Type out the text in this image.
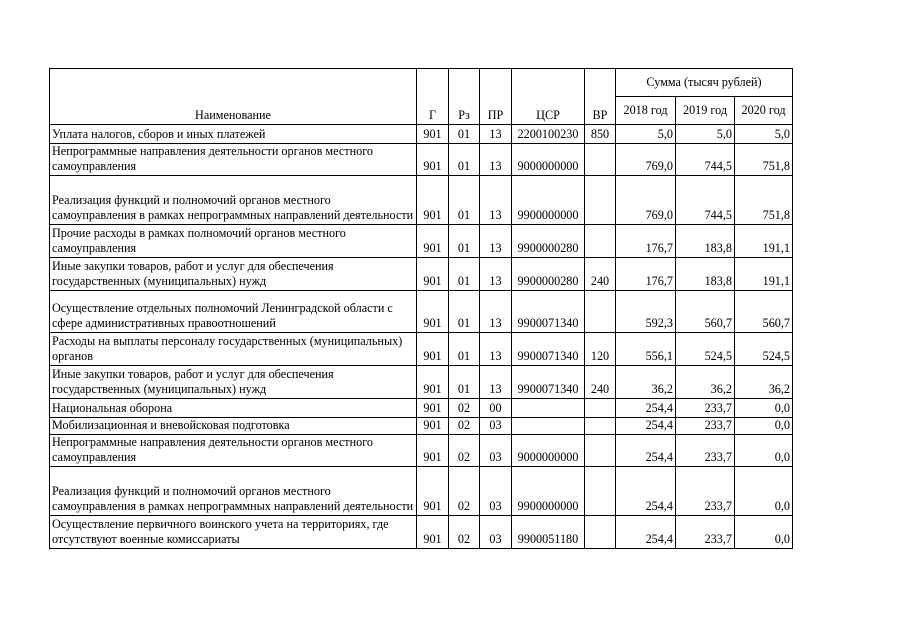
Наименование	Г	Рз	ПР	ЦСР	ВР	Сумма (тысяч рублей)		
						2018 год	2019 год	2020 год
Уплата налогов, сборов и иных платежей	901	01	13	2200100230	850	5,0	5,0	5,0
Непрограммные направления деятельности органов местного самоуправления	901	01	13	9000000000		769,0	744,5	751,8
Реализация функций и полномочий органов местного самоуправления в рамках непрограммных направлений деятельности	901	01	13	9900000000		769,0	744,5	751,8
Прочие расходы в рамках полномочий органов местного самоуправления	901	01	13	9900000280		176,7	183,8	191,1
Иные закупки товаров, работ и услуг для обеспечения государственных (муниципальных) нужд	901	01	13	9900000280	240	176,7	183,8	191,1
Осуществление отдельных полномочий Ленинградской области с сфере административных правоотношений	901	01	13	9900071340		592,3	560,7	560,7
Расходы на выплаты персоналу государственных (муниципальных) органов	901	01	13	9900071340	120	556,1	524,5	524,5
Иные закупки товаров, работ и услуг для обеспечения государственных (муниципальных) нужд	901	01	13	9900071340	240	36,2	36,2	36,2
Национальная оборона	901	02	00			254,4	233,7	0,0
Мобилизационная и вневойсковая подготовка	901	02	03			254,4	233,7	0,0
Непрограммные направления деятельности органов местного самоуправления	901	02	03	9000000000		254,4	233,7	0,0
Реализация функций и полномочий органов местного самоуправления в рамках непрограммных направлений деятельности	901	02	03	9900000000		254,4	233,7	0,0
Осуществление первичного воинского учета на территориях, где отсутствуют военные комиссариаты	901	02	03	9900051180		254,4	233,7	0,0
